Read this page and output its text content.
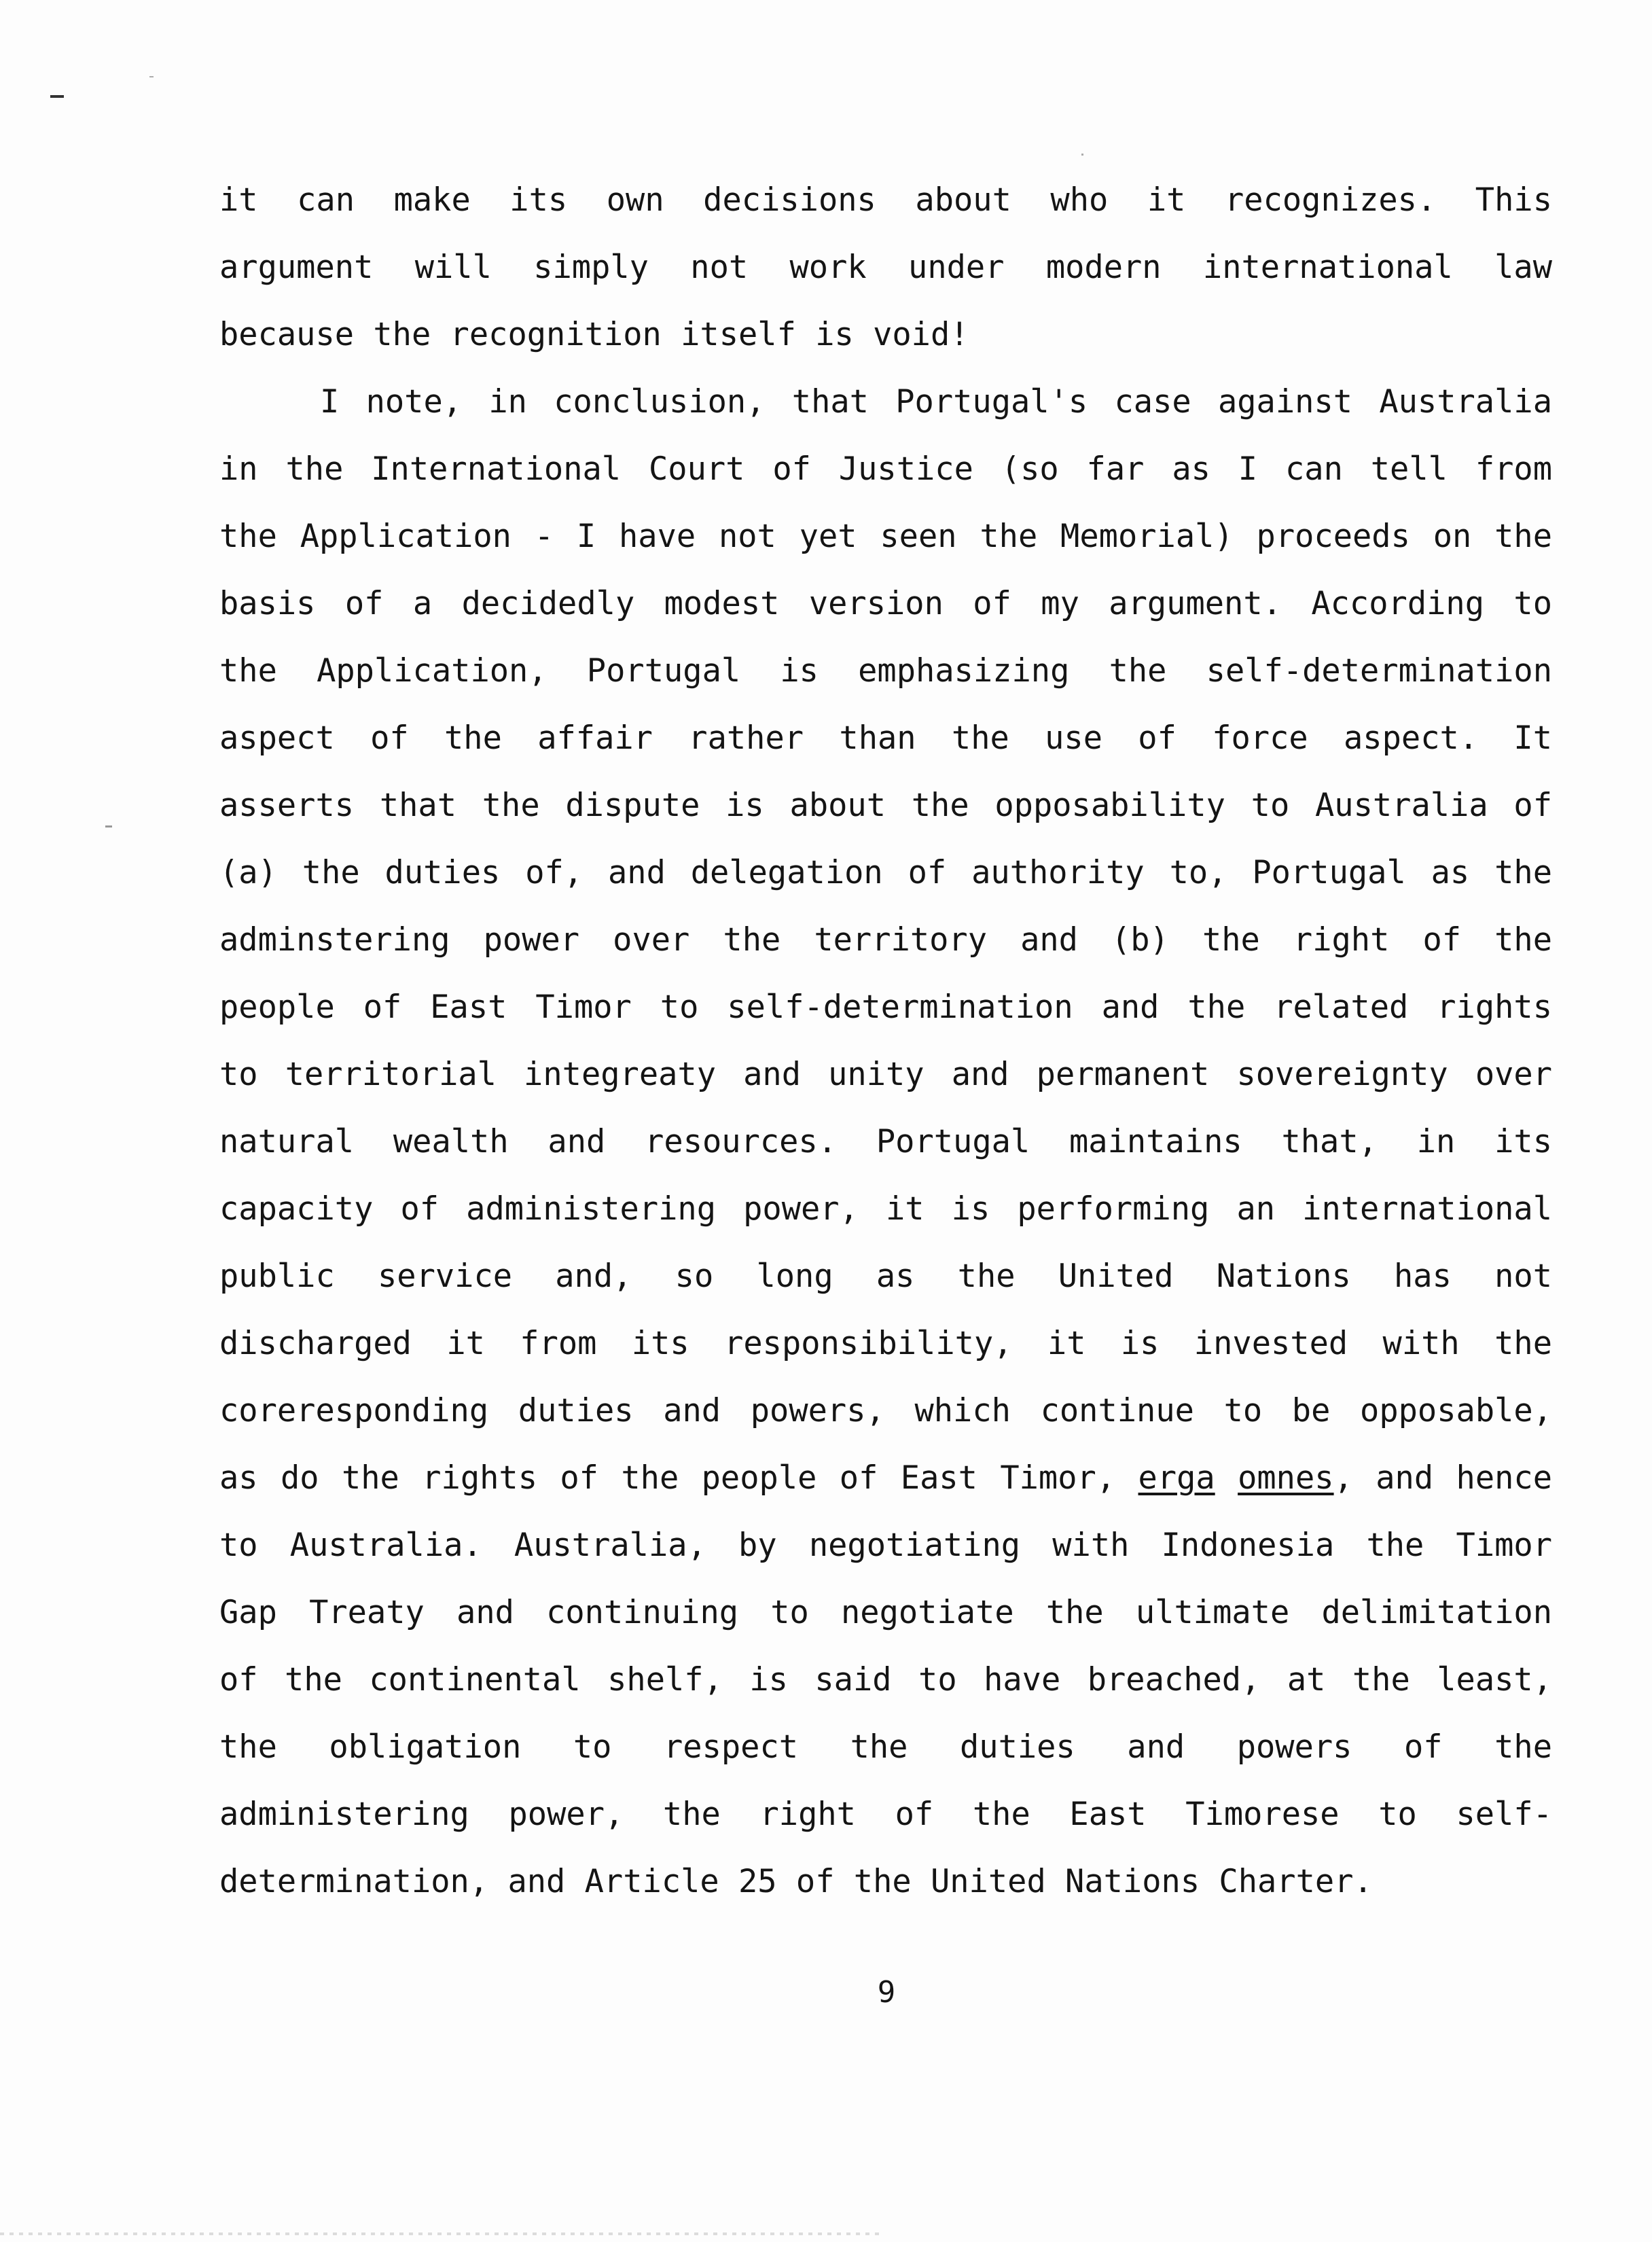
it can make its own decisions about who it recognizes. This
argument will simply not work under modern international law
because the recognition itself is void!
I note, in conclusion, that Portugal's case against Australia
in the International Court of Justice (so far as I can tell from
the Application - I have not yet seen the Memorial) proceeds on the
basis of a decidedly modest version of my argument. According to
the Application, Portugal is emphasizing the self-determination
aspect of the affair rather than the use of force aspect. It
asserts that the dispute is about the opposability to Australia of
(a) the duties of, and delegation of authority to, Portugal as the
adminstering power over the territory and (b) the right of the
people of East Timor to self-determination and the related rights
to territorial integreaty and unity and permanent sovereignty over
natural wealth and resources. Portugal maintains that, in its
capacity of administering power, it is performing an international
public service and, so long as the United Nations has not
discharged it from its responsibility, it is invested with the
coreresponding duties and powers, which continue to be opposable,
as do the rights of the people of East Timor, erga omnes, and hence
to Australia. Australia, by negotiating with Indonesia the Timor
Gap Treaty and continuing to negotiate the ultimate delimitation
of the continental shelf, is said to have breached, at the least,
the obligation to respect the duties and powers of the
administering power, the right of the East Timorese to self-
determination, and Article 25 of the United Nations Charter.
9
